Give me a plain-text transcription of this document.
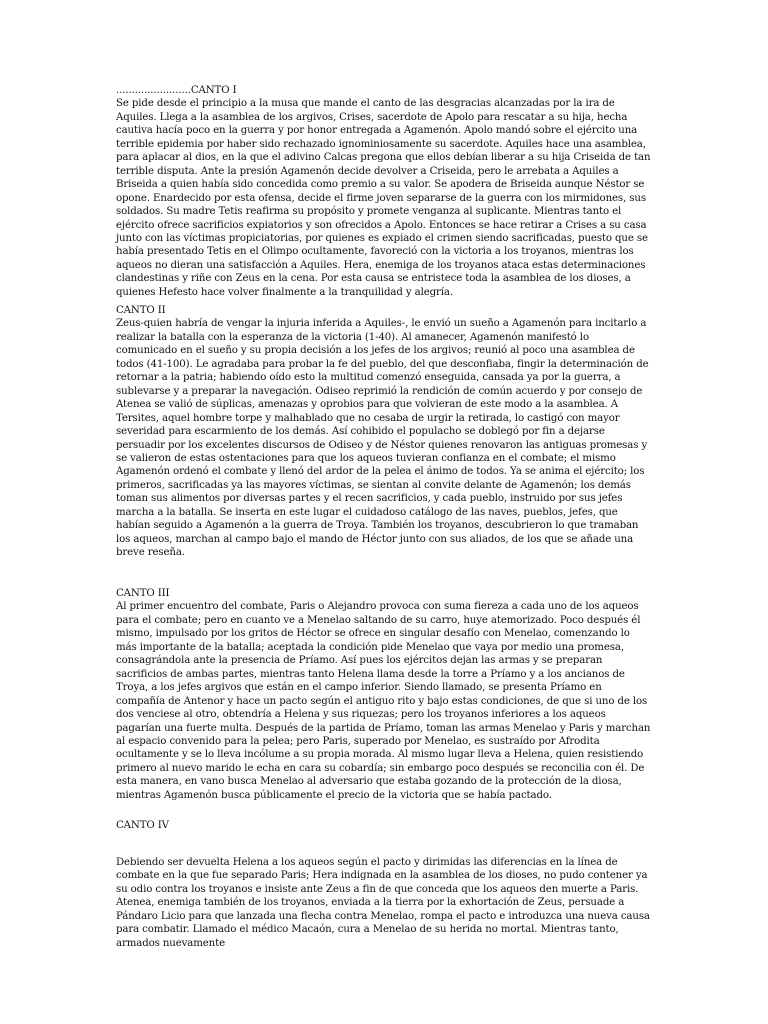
........................CANTO I

Se pide desde el principio a la musa que mande el canto de las desgracias alcanzadas por la ira de Aquiles. Llega a la asamblea de los argivos, Crises, sacerdote de Apolo para rescatar a su hija, hecha cautiva hacía poco en la guerra y por honor entregada a Agamenón. Apolo mandó sobre el ejército una terrible epidemia por haber sido rechazado ignominiosamente su sacerdote. Aquiles hace una asamblea, para aplacar al dios, en la que el adivino Calcas pregona que ellos debían liberar a su hija Criseida de tan terrible disputa. Ante la presión Agamenón decide devolver a Criseida, pero le arrebata a Aquiles a Briseida a quien había sido concedida como premio a su valor. Se apodera de Briseida aunque Néstor se opone. Enardecido por esta ofensa, decide el firme joven separarse de la guerra con los mirmidones, sus soldados. Su madre Tetis reafirma su propósito y promete venganza al suplicante. Mientras tanto el ejército ofrece sacrificios expiatorios y son ofrecidos a Apolo. Entonces se hace retirar a Crises a su casa junto con las víctimas propiciatorias, por quienes es expiado el crimen siendo sacrificadas, puesto que se había presentado Tetis en el Olimpo ocultamente, favoreció con la victoria a los troyanos, mientras los aqueos no dieran una satisfacción a Aquiles. Hera, enemiga de los troyanos ataca estas determinaciones clandestinas y riñe con Zeus en la cena. Por esta causa se entristece toda la asamblea de los dioses, a quienes Hefesto hace volver finalmente a la tranquilidad y alegría.

CANTO II

Zeus-quien habría de vengar la injuria inferida a Aquiles-, le envió un sueño a Agamenón para incitarlo a realizar la batalla con la esperanza de la victoria (1-40). Al amanecer, Agamenón manifestó lo comunicado en el sueño y su propia decisión a los jefes de los argivos; reunió al poco una asamblea de todos (41-100). Le agradaba para probar la fe del pueblo, del que desconfiaba, fingir la determinación de retornar a la patria; habiendo oído esto la multitud comenzó enseguida, cansada ya por la guerra, a sublevarse y a preparar la navegación. Odiseo reprimió la rendición de común acuerdo y por consejo de Atenea se valió de súplicas, amenazas y oprobios para que volvieran de este modo a la asamblea. A Tersites, aquel hombre torpe y malhablado que no cesaba de urgir la retirada, lo castigó con mayor severidad para escarmiento de los demás. Así cohibido el populacho se doblegó por fin a dejarse persuadir por los excelentes discursos de Odiseo y de Néstor quienes renovaron las antiguas promesas y se valieron de estas ostentaciones para que los aqueos tuvieran confianza en el combate; el mismo Agamenón ordenó el combate y llenó del ardor de la pelea el ánimo de todos. Ya se anima el ejército; los primeros, sacrificadas ya las mayores víctimas, se sientan al convite delante de Agamenón; los demás toman sus alimentos por diversas partes y el recen sacrificios, y cada pueblo, instruido por sus jefes marcha a la batalla. Se inserta en este lugar el cuidadoso catálogo de las naves, pueblos, jefes, que habían seguido a Agamenón a la guerra de Troya. También los troyanos, descubrieron lo que tramaban los aqueos, marchan al campo bajo el mando de Héctor junto con sus aliados, de los que se añade una breve reseña.

CANTO III

Al primer encuentro del combate, Paris o Alejandro provoca con suma fiereza a cada uno de los aqueos para el combate; pero en cuanto ve a Menelao saltando de su carro, huye atemorizado. Poco después él mismo, impulsado por los gritos de Héctor se ofrece en singular desafío con Menelao, comenzando lo más importante de la batalla; aceptada la condición pide Menelao que vaya por medio una promesa, consagrándola ante la presencia de Príamo. Así pues los ejércitos dejan las armas y se preparan sacrificios de ambas partes, mientras tanto Helena llama desde la torre a Príamo y a los ancianos de Troya, a los jefes argivos que están en el campo inferior. Siendo llamado, se presenta Príamo en compañía de Antenor y hace un pacto según el antiguo rito y bajo estas condiciones, de que si uno de los dos venciese al otro, obtendría a Helena y sus riquezas; pero los troyanos inferiores a los aqueos pagarían una fuerte multa. Después de la partida de Príamo, toman las armas Menelao y Paris y marchan al espacio convenido para la pelea; pero Paris, superado por Menelao, es sustraído por Afrodita ocultamente y se lo lleva incólume a su propia morada. Al mismo lugar lleva a Helena, quien resistiendo primero al nuevo marido le echa en cara su cobardía; sin embargo poco después se reconcilia con él. De esta manera, en vano busca Menelao al adversario que estaba gozando de la protección de la diosa, mientras Agamenón busca públicamente el precio de la victoria que se había pactado.

CANTO IV

Debiendo ser devuelta Helena a los aqueos según el pacto y dirimidas las diferencias en la línea de combate en la que fue separado Paris; Hera indignada en la asamblea de los dioses, no pudo contener ya su odio contra los troyanos e insiste ante Zeus a fin de que conceda que los aqueos den muerte a Paris. Atenea, enemiga también de los troyanos, enviada a la tierra por la exhortación de Zeus, persuade a Pándaro Licio para que lanzada una flecha contra Menelao, rompa el pacto e introduzca una nueva causa para combatir. Llamado el médico Macaón, cura a Menelao de su herida no mortal. Mientras tanto, armados nuevamente
